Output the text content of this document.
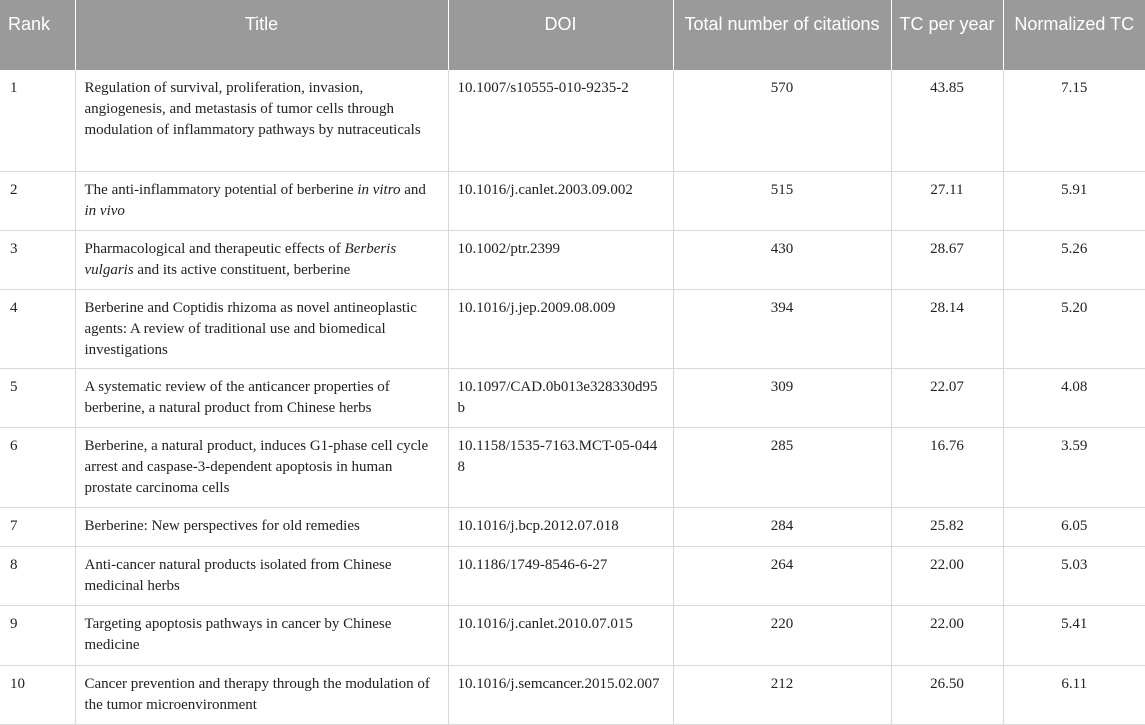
Rank	Title	DOI	Total number of citations	TC per year	Normalized TC
1	Regulation of survival, proliferation, invasion, angiogenesis, and metastasis of tumor cells through modulation of inflammatory pathways by nutraceuticals	10.1007/s10555-010-9235-2	570	43.85	7.15
2	The anti-inflammatory potential of berberine in vitro and in vivo	10.1016/j.canlet.2003.09.002	515	27.11	5.91
3	Pharmacological and therapeutic effects of Berberis vulgaris and its active constituent, berberine	10.1002/ptr.2399	430	28.67	5.26
4	Berberine and Coptidis rhizoma as novel antineoplastic agents: A review of traditional use and biomedical investigations	10.1016/j.jep.2009.08.009	394	28.14	5.20
5	A systematic review of the anticancer properties of berberine, a natural product from Chinese herbs	10.1097/CAD.0b013e328330d95b	309	22.07	4.08
6	Berberine, a natural product, induces G1-phase cell cycle arrest and caspase-3-dependent apoptosis in human prostate carcinoma cells	10.1158/1535-7163.MCT-05-0448	285	16.76	3.59
7	Berberine: New perspectives for old remedies	10.1016/j.bcp.2012.07.018	284	25.82	6.05
8	Anti-cancer natural products isolated from Chinese medicinal herbs	10.1186/1749-8546-6-27	264	22.00	5.03
9	Targeting apoptosis pathways in cancer by Chinese medicine	10.1016/j.canlet.2010.07.015	220	22.00	5.41
10	Cancer prevention and therapy through the modulation of the tumor microenvironment	10.1016/j.semcancer.2015.02.007	212	26.50	6.11
